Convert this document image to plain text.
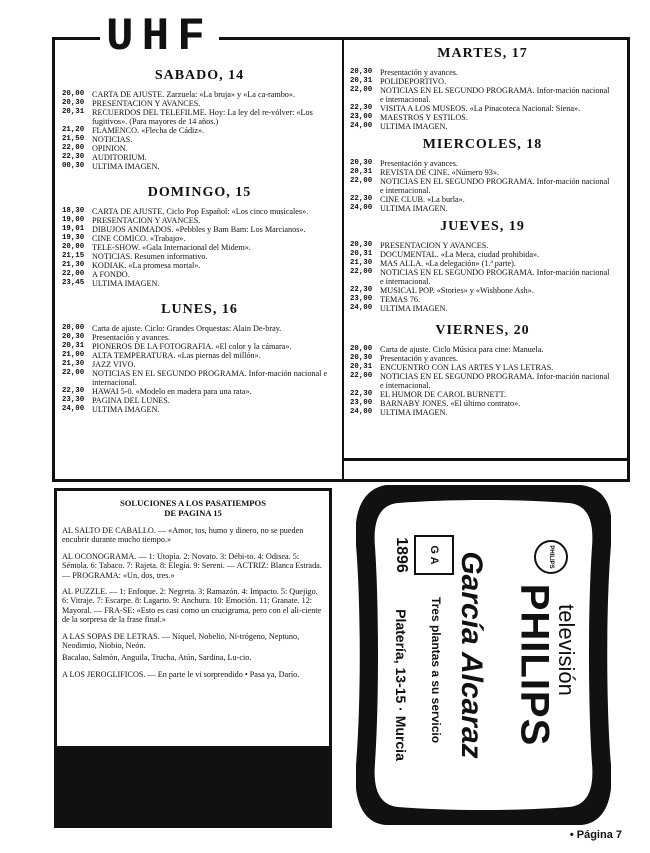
UHF
SABADO, 14
20,00 CARTA DE AJUSTE. Zarzuela: «La bruja» y «La ca-rambo».
20,30 PRESENTACION Y AVANCES.
20,31 RECUERDOS DEL TELEFILME. Hoy: La ley del re-vólver: «Los fugitivos». (Para mayores de 14 años.)
21,20 FLAMENCO. «Flecha de Cádiz».
21,50 NOTICIAS.
22,00 OPINION.
22,30 AUDITORIUM.
00,30 ULTIMA IMAGEN.
DOMINGO, 15
18,30 CARTA DE AJUSTE. Ciclo Pop Español: «Los cinco musicales».
19,00 PRESENTACION Y AVANCES.
19,01 DIBUJOS ANIMADOS. «Pebbles y Bam Bam: Los Marcianos».
19,30 CINE COMICO. «Trabajo».
20,00 TELE-SHOW. «Gala Internacional del Midem».
21,15 NOTICIAS. Resumen informativo.
21,30 KODIAK. «La promesa mortal».
22,00 A FONDO.
23,45 ULTIMA IMAGEN.
LUNES, 16
20,00 Carta de ajuste. Ciclo: Grandes Orquestas: Alain De-bray.
20,30 Presentación y avances.
20,31 PIONEROS DE LA FOTOGRAFIA. «El color y la cámara».
21,00 ALTA TEMPERATURA. «Las piernas del millón».
21,30 JAZZ VIVO.
22,00 NOTICIAS EN EL SEGUNDO PROGRAMA. Infor-mación nacional e internacional.
22,30 HAWAI 5-0. «Modelo en madera para una rata».
23,30 PAGINA DEL LUNES.
24,00 ULTIMA IMAGEN.
MARTES, 17
20,30 Presentación y avances.
20,31 POLIDEPORTIVO.
22,00 NOTICIAS EN EL SEGUNDO PROGRAMA. Infor-mación nacional e internacional.
22,30 VISITA A LOS MUSEOS. «La Pinacoteca Nacional: Siena».
23,00 MAESTROS Y ESTILOS.
24,00 ULTIMA IMAGEN.
MIERCOLES, 18
20,30 Presentación y avances.
20,31 REVISTA DE CINE. «Número 93».
22,00 NOTICIAS EN EL SEGUNDO PROGRAMA. Infor-mación nacional e internacional.
22,30 CINE CLUB. «La burla».
24,00 ULTIMA IMAGEN.
JUEVES, 19
20,30 PRESENTACION Y AVANCES.
20,31 DOCUMENTAL. «La Meca, ciudad prohibida».
21,30 MAS ALLA. «La delegación» (1.ª parte).
22,00 NOTICIAS EN EL SEGUNDO PROGRAMA. Infor-mación nacional e internacional.
22,30 MUSICAL POP. «Stories» y «Wishbone Ash».
23,00 TEMAS 76.
24,00 ULTIMA IMAGEN.
VIERNES, 20
20,00 Carta de ajuste. Ciclo Música para cine: Manuela.
20,30 Presentación y avances.
20,31 ENCUENTRO CON LAS ARTES Y LAS LETRAS.
22,00 NOTICIAS EN EL SEGUNDO PROGRAMA. Infor-mación nacional e internacional.
22,30 EL HUMOR DE CAROL BURNETT.
23,00 BARNABY JONES. «El último contrato».
24,00 ULTIMA IMAGEN.
SOLUCIONES A LOS PASATIEMPOS
DE PAGINA 15

AL SALTO DE CABALLO. — «Amor, tos, humo y dinero, no se pueden encubrir durante mucho tiempo.»

AL OCONOGRAMA. — 1: Utopía. 2: Novato. 3: Débi-to. 4: Odisea. 5: Sémola. 6: Tabaco. 7: Rajeta. 8: Elegía. 9: Sereni. — ACTRIZ: Blanca Estrada. — PROGRAMA: «Un, dos, tres.»

AL PUZZLE. — 1: Enfoque. 2: Negreta. 3: Ramazón. 4: Impacto. 5: Quejigo. 6: Vitraje. 7: Escarpe. 8: Lagarto. 9: Anchura. 10: Emoción. 11: Granate. 12: Mayoral. — FRA-SE: «Esto es casi como un crucigrama, pero con el ali-ciente de la sorpresa de la frase final.»

A LAS SOPAS DE LETRAS. — Níquel, Nobelio, Ni-trógeno, Neptuno, Neodimio, Niobio, Neón.

Bacalao, Salmón, Anguila, Trucha, Atún, Sardina, Lu-cio.

A LOS JEROGLIFICOS. — En parte le vi sorprendido • Pasa ya, Darío.	televisión
PHILIPS
PHILIPS
García Alcaraz
Tres plantas a su servicio
Platería, 13-15 · Murcia
1896	G A
• Página 7
